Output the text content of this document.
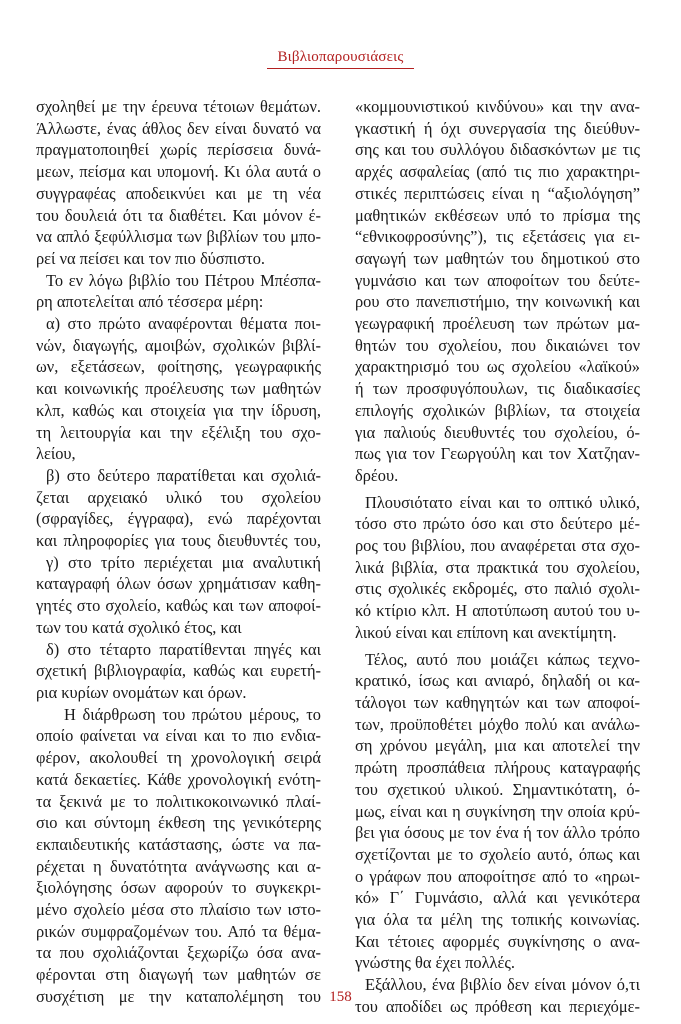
Βιβλιοπαρουσιάσεις
σχοληθεί με την έρευνα τέτοιων θεμάτων.
Άλλωστε, ένας άθλος δεν είναι δυνατό να
πραγματοποιηθεί χωρίς περίσσεια δυνά-
μεων, πείσμα και υπομονή. Κι όλα αυτά ο
συγγραφέας αποδεικνύει και με τη νέα
του δουλειά ότι τα διαθέτει. Και μόνον έ-
να απλό ξεφύλλισμα των βιβλίων του μπο-
ρεί να πείσει και τον πιο δύσπιστο.
Το εν λόγω βιβλίο του Πέτρου Μπέσπα-
ρη αποτελείται από τέσσερα μέρη:
α) στο πρώτο αναφέρονται θέματα ποι-
νών, διαγωγής, αμοιβών, σχολικών βιβλί-
ων, εξετάσεων, φοίτησης, γεωγραφικής
και κοινωνικής προέλευσης των μαθητών
κλπ, καθώς και στοιχεία για την ίδρυση,
τη λειτουργία και την εξέλιξη του σχο-
λείου,
β) στο δεύτερο παρατίθεται και σχολιά-
ζεται αρχειακό υλικό του σχολείου
(σφραγίδες, έγγραφα), ενώ παρέχονται
και πληροφορίες για τους διευθυντές του,
γ) στο τρίτο περιέχεται μια αναλυτική
καταγραφή όλων όσων χρημάτισαν καθη-
γητές στο σχολείο, καθώς και των αποφοί-
των του κατά σχολικό έτος, και
δ) στο τέταρτο παρατίθενται πηγές και
σχετική βιβλιογραφία, καθώς και ευρετή-
ρια κυρίων ονομάτων και όρων.
Η διάρθρωση του πρώτου μέρους, το
οποίο φαίνεται να είναι και το πιο ενδια-
φέρον, ακολουθεί τη χρονολογική σειρά
κατά δεκαετίες. Κάθε χρονολογική ενότη-
τα ξεκινά με το πολιτικοκοινωνικό πλαί-
σιο και σύντομη έκθεση της γενικότερης
εκπαιδευτικής κατάστασης, ώστε να πα-
ρέχεται η δυνατότητα ανάγνωσης και α-
ξιολόγησης όσων αφορούν το συγκεκρι-
μένο σχολείο μέσα στο πλαίσιο των ιστο-
ρικών συμφραζομένων του. Από τα θέμα-
τα που σχολιάζονται ξεχωρίζω όσα ανα-
φέρονται στη διαγωγή των μαθητών σε
συσχέτιση με την καταπολέμηση του
«κομμουνιστικού κινδύνου» και την ανα-
γκαστική ή όχι συνεργασία της διεύθυν-
σης και του συλλόγου διδασκόντων με τις
αρχές ασφαλείας (από τις πιο χαρακτηρι-
στικές περιπτώσεις είναι η “αξιολόγηση”
μαθητικών εκθέσεων υπό το πρίσμα της
“εθνικοφροσύνης”), τις εξετάσεις για ει-
σαγωγή των μαθητών του δημοτικού στο
γυμνάσιο και των αποφοίτων του δεύτε-
ρου στο πανεπιστήμιο, την κοινωνική και
γεωγραφική προέλευση των πρώτων μα-
θητών του σχολείου, που δικαιώνει τον
χαρακτηρισμό του ως σχολείου «λαϊκού»
ή των προσφυγόπουλων, τις διαδικασίες
επιλογής σχολικών βιβλίων, τα στοιχεία
για παλιούς διευθυντές του σχολείου, ό-
πως για τον Γεωργούλη και τον Χατζηαν-
δρέου.
Πλουσιότατο είναι και το οπτικό υλικό,
τόσο στο πρώτο όσο και στο δεύτερο μέ-
ρος του βιβλίου, που αναφέρεται στα σχο-
λικά βιβλία, στα πρακτικά του σχολείου,
στις σχολικές εκδρομές, στο παλιό σχολι-
κό κτίριο κλπ. Η αποτύπωση αυτού του υ-
λικού είναι και επίπονη και ανεκτίμητη.
Τέλος, αυτό που μοιάζει κάπως τεχνο-
κρατικό, ίσως και ανιαρό, δηλαδή οι κα-
τάλογοι των καθηγητών και των αποφοί-
των, προϋποθέτει μόχθο πολύ και ανάλω-
ση χρόνου μεγάλη, μια και αποτελεί την
πρώτη προσπάθεια πλήρους καταγραφής
του σχετικού υλικού. Σημαντικότατη, ό-
μως, είναι και η συγκίνηση την οποία κρύ-
βει για όσους με τον ένα ή τον άλλο τρόπο
σχετίζονται με το σχολείο αυτό, όπως και
ο γράφων που αποφοίτησε από το «ηρωι-
κό» Γ΄ Γυμνάσιο, αλλά και γενικότερα
για όλα τα μέλη της τοπικής κοινωνίας.
Και τέτοιες αφορμές συγκίνησης ο ανα-
γνώστης θα έχει πολλές.
Εξάλλου, ένα βιβλίο δεν είναι μόνον ό,τι
του αποδίδει ως πρόθεση και περιεχόμε-
158
